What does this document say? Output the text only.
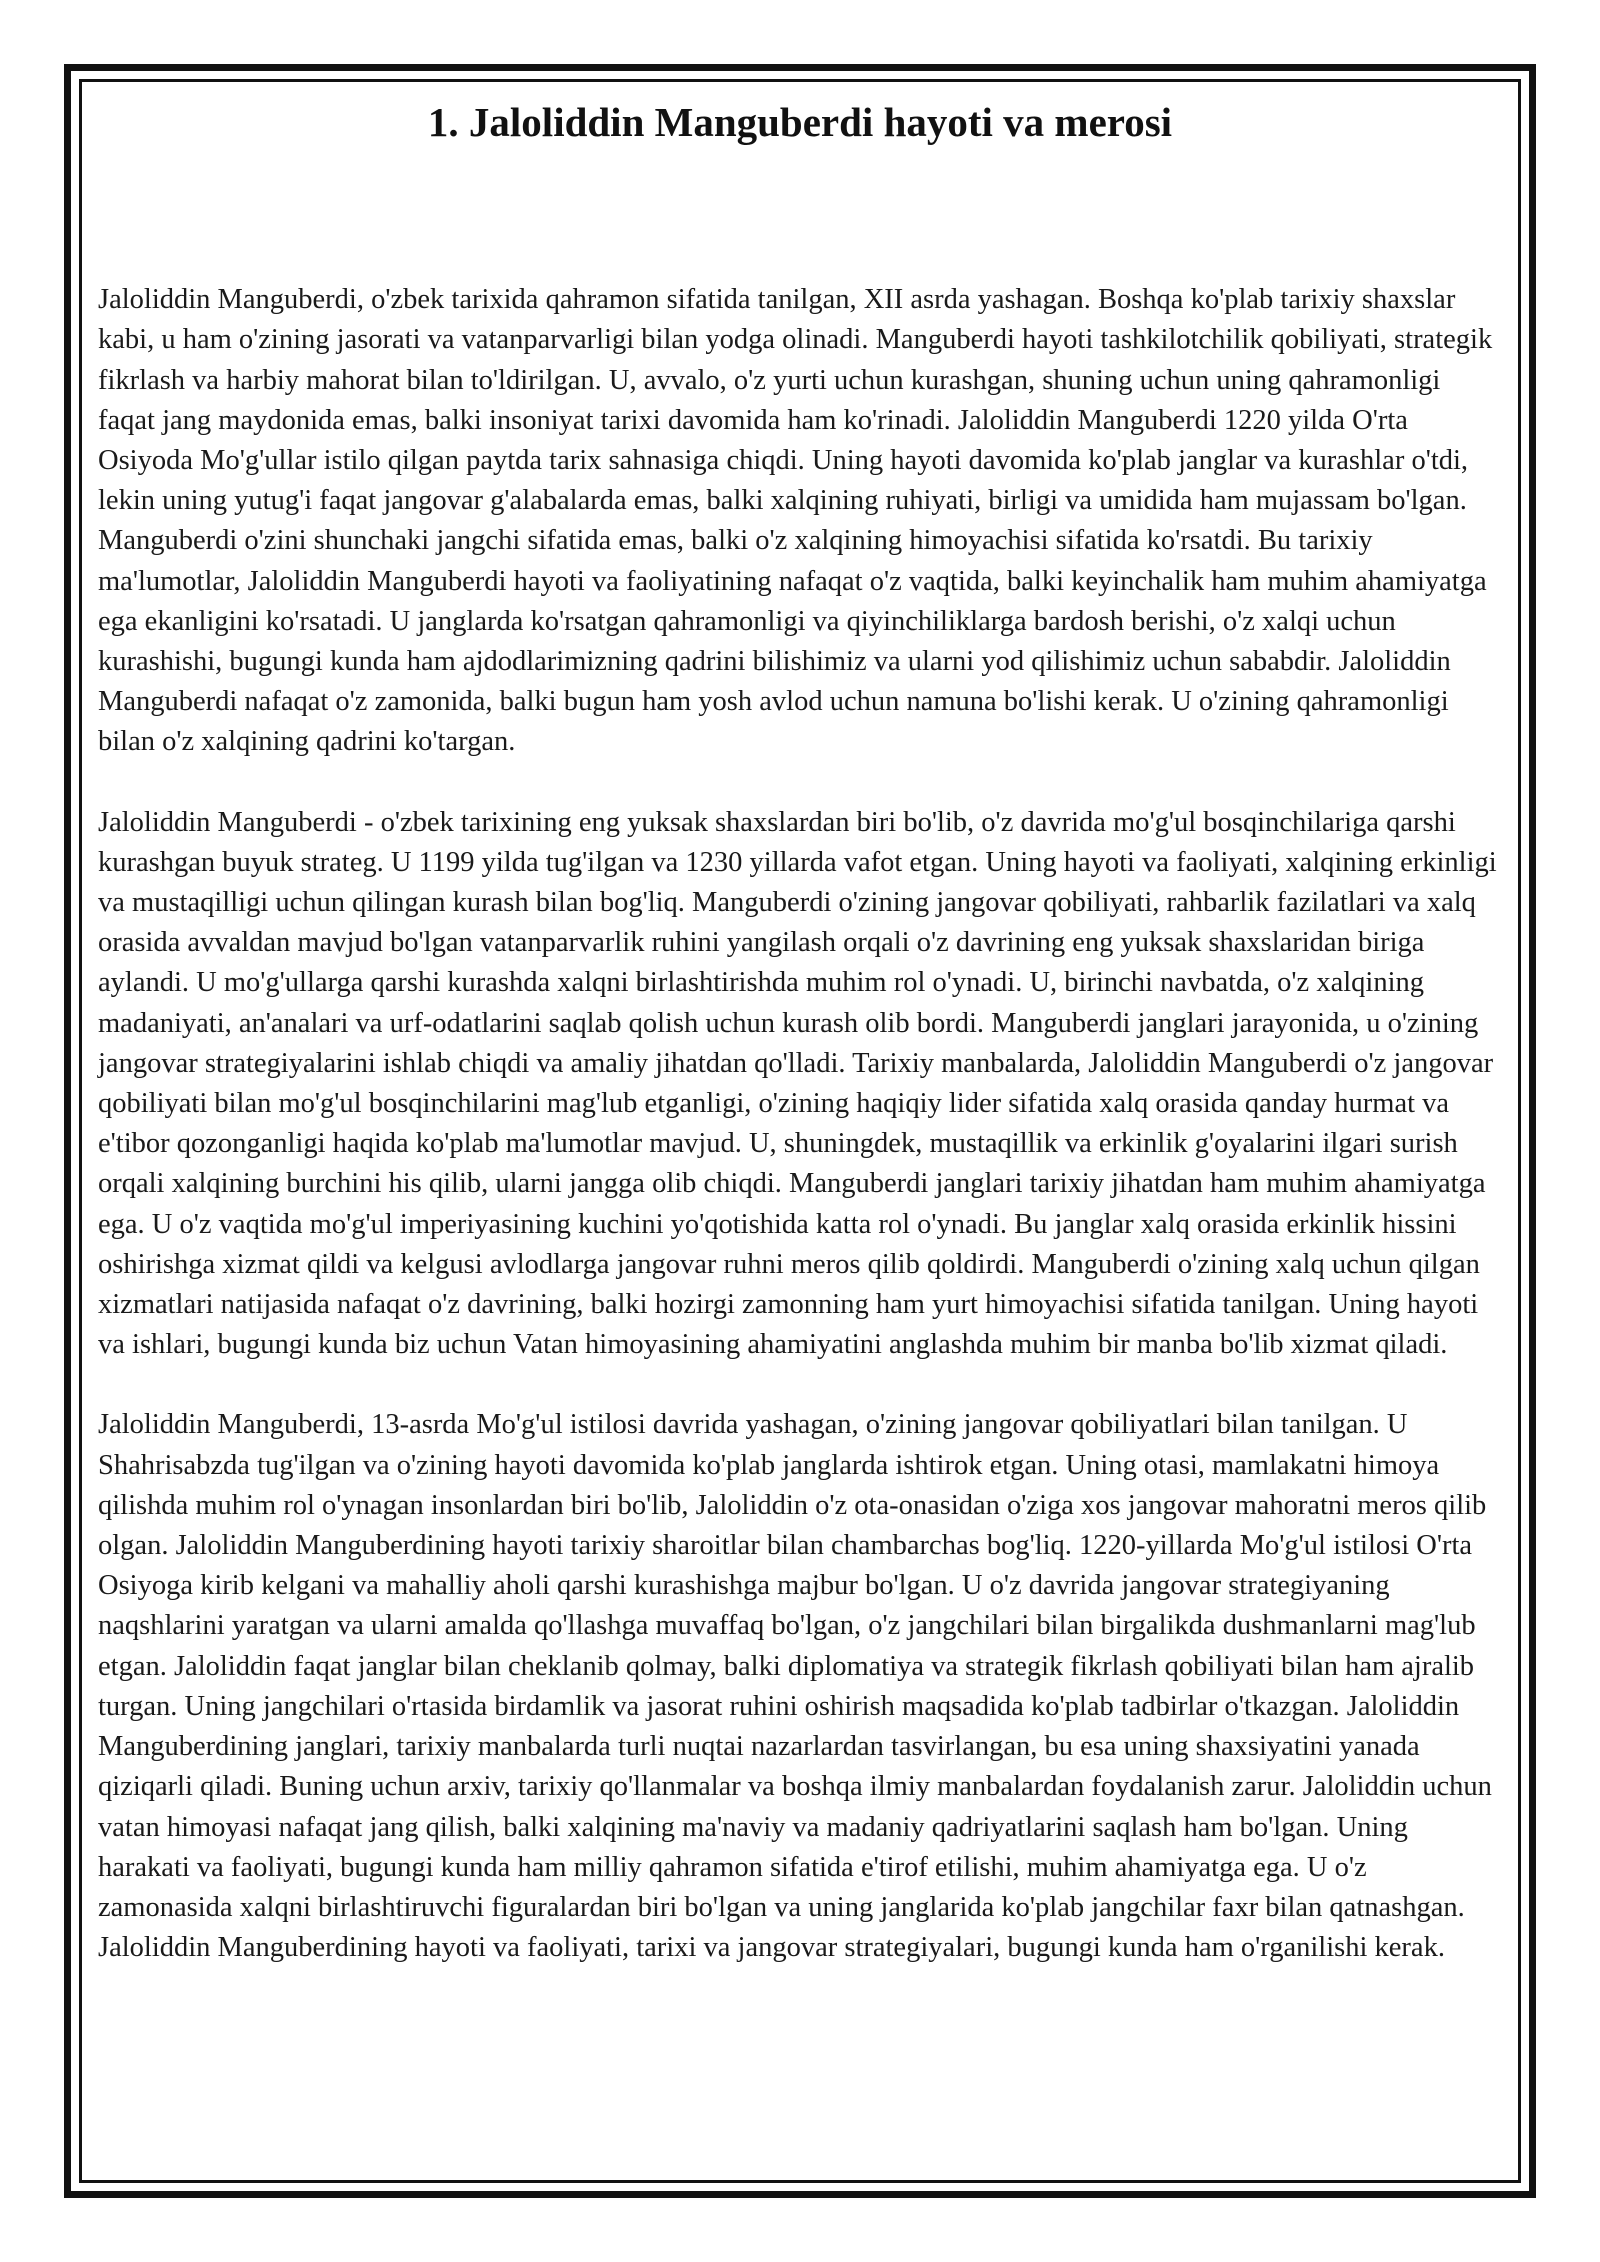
1. Jaloliddin Manguberdi hayoti va merosi

Jaloliddin Manguberdi, o'zbek tarixida qahramon sifatida tanilgan, XII asrda yashagan. Boshqa ko'plab tarixiy shaxslar kabi, u ham o'zining jasorati va vatanparvarligi bilan yodga olinadi. Manguberdi hayoti tashkilotchilik qobiliyati, strategik fikrlash va harbiy mahorat bilan to'ldirilgan. U, avvalo, o'z yurti uchun kurashgan, shuning uchun uning qahramonligi faqat jang maydonida emas, balki insoniyat tarixi davomida ham ko'rinadi. Jaloliddin Manguberdi 1220 yilda O'rta Osiyoda Mo'g'ullar istilo qilgan paytda tarix sahnasiga chiqdi. Uning hayoti davomida ko'plab janglar va kurashlar o'tdi, lekin uning yutug'i faqat jangovar g'alabalarda emas, balki xalqining ruhiyati, birligi va umidida ham mujassam bo'lgan. Manguberdi o'zini shunchaki jangchi sifatida emas, balki o'z xalqining himoyachisi sifatida ko'rsatdi. Bu tarixiy ma'lumotlar, Jaloliddin Manguberdi hayoti va faoliyatining nafaqat o'z vaqtida, balki keyinchalik ham muhim ahamiyatga ega ekanligini ko'rsatadi. U janglarda ko'rsatgan qahramonligi va qiyinchiliklarga bardosh berishi, o'z xalqi uchun kurashishi, bugungi kunda ham ajdodlarimizning qadrini bilishimiz va ularni yod qilishimiz uchun sababdir. Jaloliddin Manguberdi nafaqat o'z zamonida, balki bugun ham yosh avlod uchun namuna bo'lishi kerak. U o'zining qahramonligi bilan o'z xalqining qadrini ko'targan.

Jaloliddin Manguberdi - o'zbek tarixining eng yuksak shaxslardan biri bo'lib, o'z davrida mo'g'ul bosqinchilariga qarshi kurashgan buyuk strateg. U 1199 yilda tug'ilgan va 1230 yillarda vafot etgan. Uning hayoti va faoliyati, xalqining erkinligi va mustaqilligi uchun qilingan kurash bilan bog'liq. Manguberdi o'zining jangovar qobiliyati, rahbarlik fazilatlari va xalq orasida avvaldan mavjud bo'lgan vatanparvarlik ruhini yangilash orqali o'z davrining eng yuksak shaxslaridan biriga aylandi. U mo'g'ullarga qarshi kurashda xalqni birlashtirishda muhim rol o'ynadi. U, birinchi navbatda, o'z xalqining madaniyati, an'analari va urf-odatlarini saqlab qolish uchun kurash olib bordi. Manguberdi janglari jarayonida, u o'zining jangovar strategiyalarini ishlab chiqdi va amaliy jihatdan qo'lladi. Tarixiy manbalarda, Jaloliddin Manguberdi o'z jangovar qobiliyati bilan mo'g'ul bosqinchilarini mag'lub etganligi, o'zining haqiqiy lider sifatida xalq orasida qanday hurmat va e'tibor qozonganligi haqida ko'plab ma'lumotlar mavjud. U, shuningdek, mustaqillik va erkinlik g'oyalarini ilgari surish orqali xalqining burchini his qilib, ularni jangga olib chiqdi. Manguberdi janglari tarixiy jihatdan ham muhim ahamiyatga ega. U o'z vaqtida mo'g'ul imperiyasining kuchini yo'qotishida katta rol o'ynadi. Bu janglar xalq orasida erkinlik hissini oshirishga xizmat qildi va kelgusi avlodlarga jangovar ruhni meros qilib qoldirdi. Manguberdi o'zining xalq uchun qilgan xizmatlari natijasida nafaqat o'z davrining, balki hozirgi zamonning ham yurt himoyachisi sifatida tanilgan. Uning hayoti va ishlari, bugungi kunda biz uchun Vatan himoyasining ahamiyatini anglashda muhim bir manba bo'lib xizmat qiladi.

Jaloliddin Manguberdi, 13-asrda Mo'g'ul istilosi davrida yashagan, o'zining jangovar qobiliyatlari bilan tanilgan. U Shahrisabzda tug'ilgan va o'zining hayoti davomida ko'plab janglarda ishtirok etgan. Uning otasi, mamlakatni himoya qilishda muhim rol o'ynagan insonlardan biri bo'lib, Jaloliddin o'z ota-onasidan o'ziga xos jangovar mahoratni meros qilib olgan. Jaloliddin Manguberdining hayoti tarixiy sharoitlar bilan chambarchas bog'liq. 1220-yillarda Mo'g'ul istilosi O'rta Osiyoga kirib kelgani va mahalliy aholi qarshi kurashishga majbur bo'lgan. U o'z davrida jangovar strategiyaning naqshlarini yaratgan va ularni amalda qo'llashga muvaffaq bo'lgan, o'z jangchilari bilan birgalikda dushmanlarni mag'lub etgan. Jaloliddin faqat janglar bilan cheklanib qolmay, balki diplomatiya va strategik fikrlash qobiliyati bilan ham ajralib turgan. Uning jangchilari o'rtasida birdamlik va jasorat ruhini oshirish maqsadida ko'plab tadbirlar o'tkazgan. Jaloliddin Manguberdining janglari, tarixiy manbalarda turli nuqtai nazarlardan tasvirlangan, bu esa uning shaxsiyatini yanada qiziqarli qiladi. Buning uchun arxiv, tarixiy qo'llanmalar va boshqa ilmiy manbalardan foydalanish zarur. Jaloliddin uchun vatan himoyasi nafaqat jang qilish, balki xalqining ma'naviy va madaniy qadriyatlarini saqlash ham bo'lgan. Uning harakati va faoliyati, bugungi kunda ham milliy qahramon sifatida e'tirof etilishi, muhim ahamiyatga ega. U o'z zamonasida xalqni birlashtiruvchi figuralardan biri bo'lgan va uning janglarida ko'plab jangchilar faxr bilan qatnashgan. Jaloliddin Manguberdining hayoti va faoliyati, tarixi va jangovar strategiyalari, bugungi kunda ham o'rganilishi kerak.
